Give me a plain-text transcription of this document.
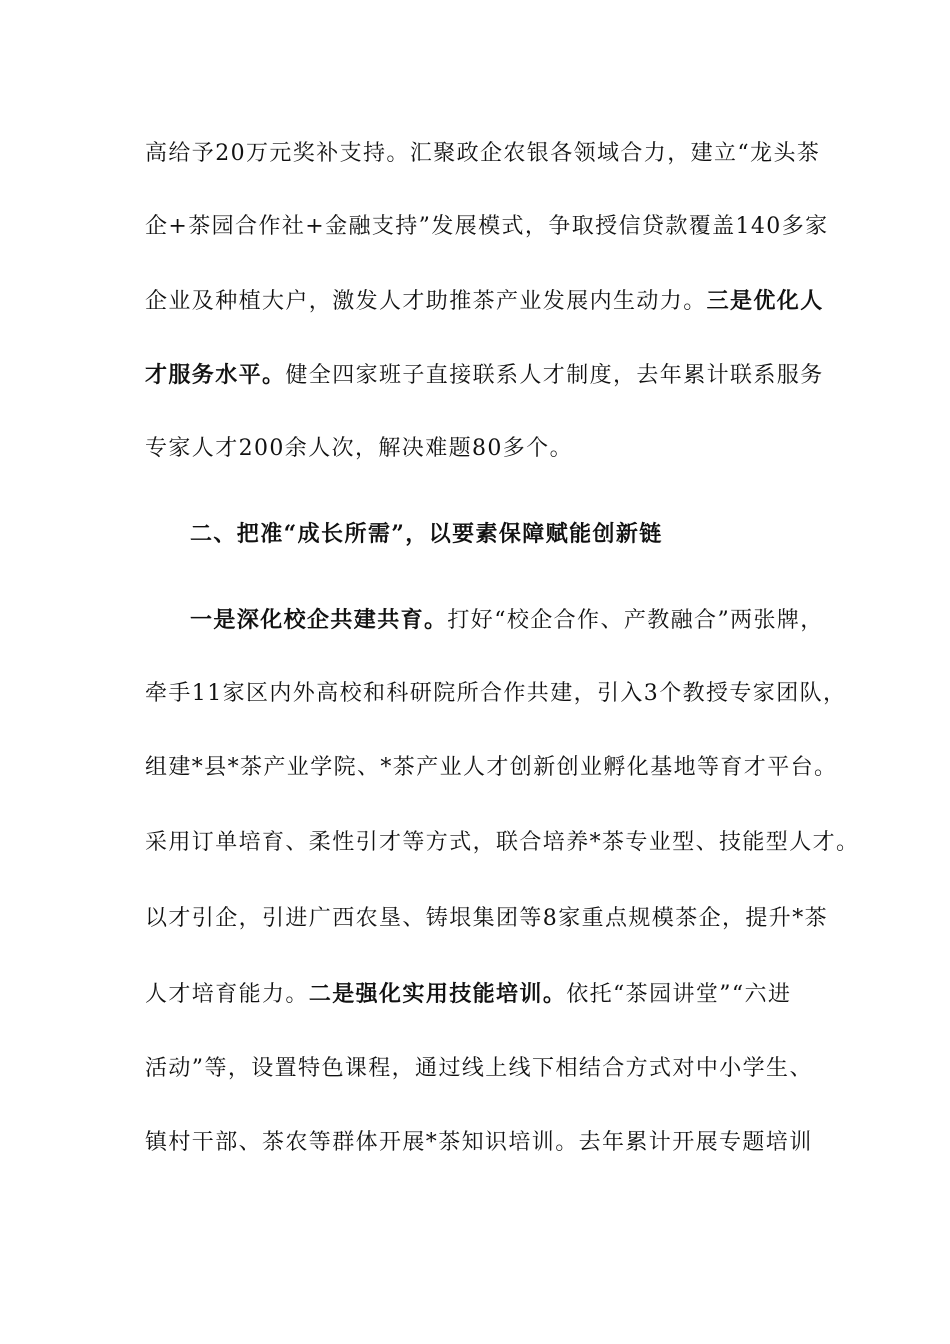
高给予20万元奖补支持。汇聚政企农银各领域合力，建立“龙头茶
企+茶园合作社+金融支持”发展模式，争取授信贷款覆盖140多家
企业及种植大户，激发人才助推茶产业发展内生动力。三是优化人
才服务水平。健全四家班子直接联系人才制度，去年累计联系服务
专家人才200余人次，解决难题80多个。
二、把准“成长所需”，以要素保障赋能创新链
一是深化校企共建共育。打好“校企合作、产教融合”两张牌，
牵手11家区内外高校和科研院所合作共建，引入3个教授专家团队，
组建*县*茶产业学院、*茶产业人才创新创业孵化基地等育才平台。
采用订单培育、柔性引才等方式，联合培养*茶专业型、技能型人才。
以才引企，引进广西农垦、铸垠集团等8家重点规模茶企，提升*茶
人才培育能力。二是强化实用技能培训。依托“茶园讲堂”“六进
活动”等，设置特色课程，通过线上线下相结合方式对中小学生、
镇村干部、茶农等群体开展*茶知识培训。去年累计开展专题培训
